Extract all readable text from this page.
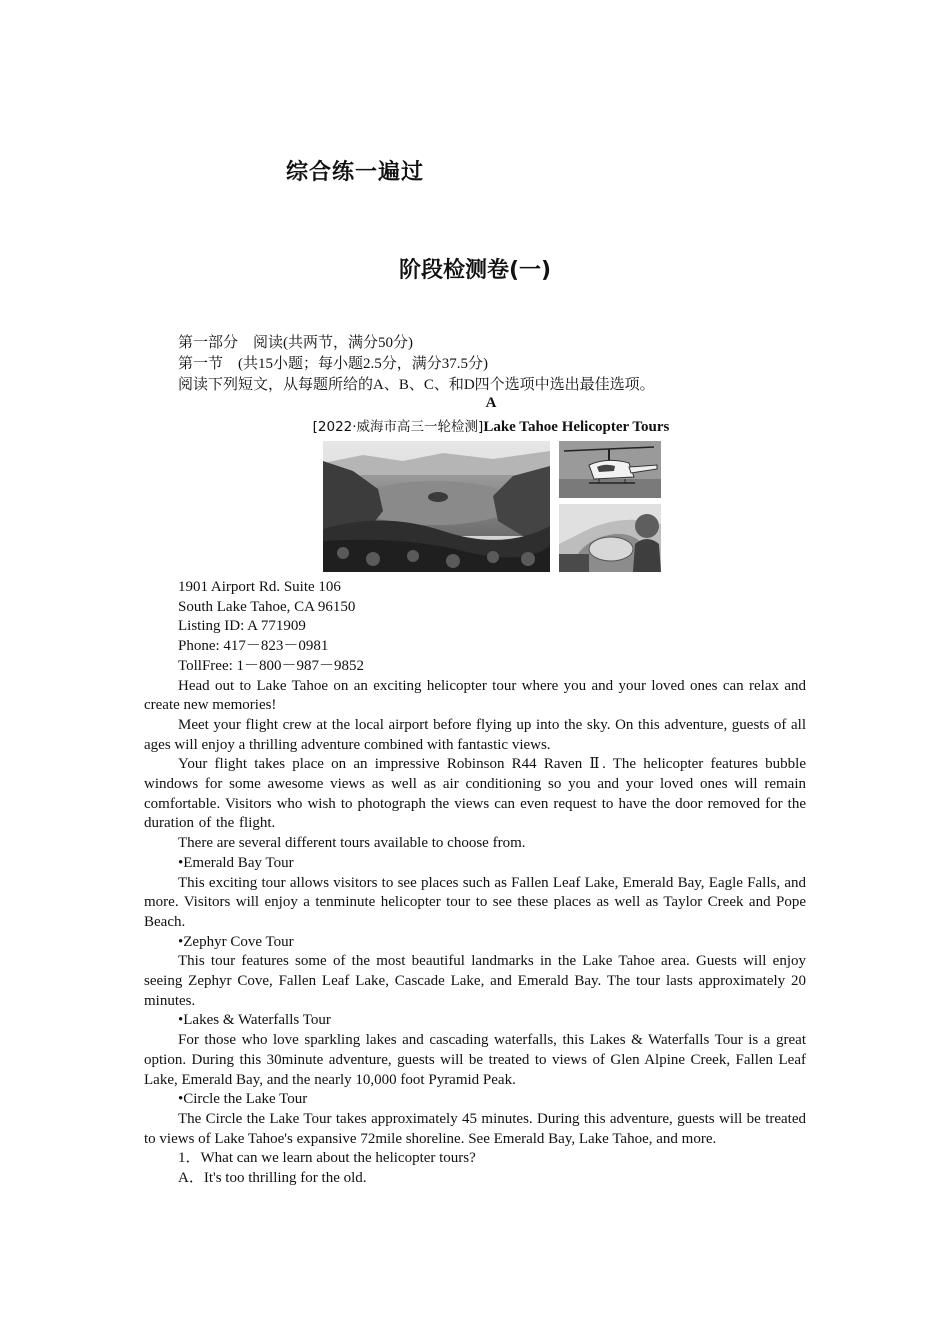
综合练一遍过
阶段检测卷(一)
第一部分　阅读(共两节，满分50分)
第一节　(共15小题；每小题2.5分，满分37.5分)
阅读下列短文，从每题所给的A、B、C、和D四个选项中选出最佳选项。
A
[2022·威海市高三一轮检测]Lake Tahoe Helicopter Tours

1901 Airport Rd. Suite 106

South Lake Tahoe, CA 96150

Listing ID: A 771909

Phone: 417－823－0981

TollFree: 1－800－987－9852

Head out to Lake Tahoe on an exciting helicopter tour where you and your loved ones can relax and create new memories!

Meet your flight crew at the local airport before flying up into the sky. On this adventure, guests of all ages will enjoy a thrilling adventure combined with fantastic views.

Your flight takes place on an impressive Robinson R44 Raven Ⅱ. The helicopter features bubble windows for some awesome views as well as air conditioning so you and your loved ones will remain comfortable. Visitors who wish to photograph the views can even request to have the door removed for the duration of the flight.

There are several different tours available to choose from.

•Emerald Bay Tour

This exciting tour allows visitors to see places such as Fallen Leaf Lake, Emerald Bay, Eagle Falls, and more. Visitors will enjoy a tenminute helicopter tour to see these places as well as Taylor Creek and Pope Beach.

•Zephyr Cove Tour

This tour features some of the most beautiful landmarks in the Lake Tahoe area. Guests will enjoy seeing Zephyr Cove, Fallen Leaf Lake, Cascade Lake, and Emerald Bay. The tour lasts approximately 20 minutes.

•Lakes & Waterfalls Tour

For those who love sparkling lakes and cascading waterfalls, this Lakes & Waterfalls Tour is a great option. During this 30minute adventure, guests will be treated to views of Glen Alpine Creek, Fallen Leaf Lake, Emerald Bay, and the nearly 10,000 foot Pyramid Peak.

•Circle the Lake Tour

The Circle the Lake Tour takes approximately 45 minutes. During this adventure, guests will be treated to views of Lake Tahoe's expansive 72mile shoreline. See Emerald Bay, Lake Tahoe, and more.

1．What can we learn about the helicopter tours?

A．It's too thrilling for the old.
